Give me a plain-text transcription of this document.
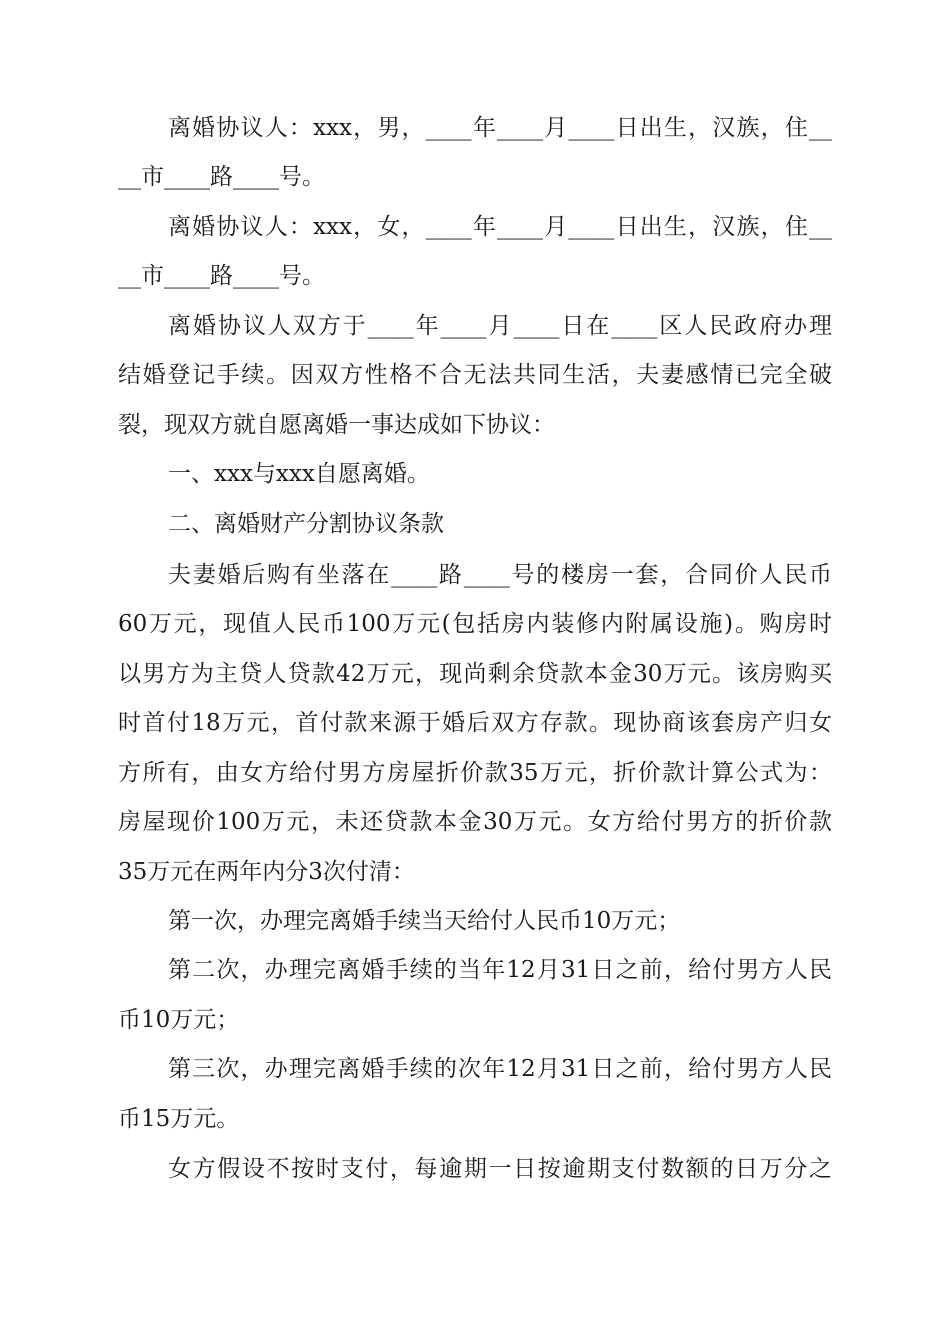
离婚协议人：xxx，男，____年____月____日出生，汉族，住__
__市____路____号。
离婚协议人：xxx，女，____年____月____日出生，汉族，住__
__市____路____号。
离婚协议人双方于____年____月____日在____区人民政府办理
结婚登记手续。因双方性格不合无法共同生活，夫妻感情已完全破
裂，现双方就自愿离婚一事达成如下协议：
一、xxx与xxx自愿离婚。
二、离婚财产分割协议条款
夫妻婚后购有坐落在____路____号的楼房一套，合同价人民币
60万元，现值人民币100万元(包括房内装修内附属设施)。购房时
以男方为主贷人贷款42万元，现尚剩余贷款本金30万元。该房购买
时首付18万元，首付款来源于婚后双方存款。现协商该套房产归女
方所有，由女方给付男方房屋折价款35万元，折价款计算公式为：
房屋现价100万元，未还贷款本金30万元。女方给付男方的折价款
35万元在两年内分3次付清：
第一次，办理完离婚手续当天给付人民币10万元；
第二次，办理完离婚手续的当年12月31日之前，给付男方人民
币10万元；
第三次，办理完离婚手续的次年12月31日之前，给付男方人民
币15万元。
女方假设不按时支付，每逾期一日按逾期支付数额的日万分之
